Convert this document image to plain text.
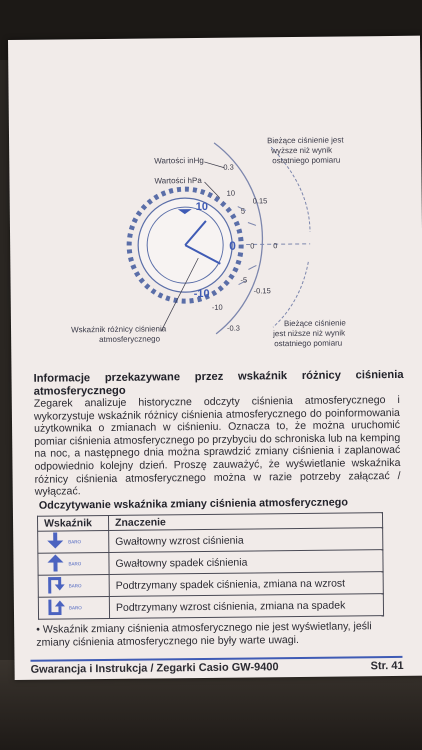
10
0
-10
0.3
0.15
0
-0.15
-0.3
10
5
0
-5
-10
Wartości inHg
Wartości hPa
Bieżące ciśnienie jest
wyższe niż wynik
ostatniego pomiaru
Bieżące ciśnienie
jest niższe niż wynik
ostatniego pomiaru
Wskaźnik różnicy ciśnienia
atmosferycznego
Informacje przekazywane przez wskaźnik różnicy ciśnienia atmosferycznego
Zegarek analizuje historyczne odczyty ciśnienia atmosferycznego i wykorzystuje wskaźnik różnicy ciśnienia atmosferycznego do poinformowania użytkownika o zmianach w ciśnieniu. Oznacza to, że można uruchomić pomiar ciśnienia atmosferycznego po przybyciu do schroniska lub na kemping na noc, a następnego dnia można sprawdzić zmiany ciśnienia i zaplanować odpowiednio kolejny dzień. Proszę zauważyć, że wyświetlanie wskaźnika różnicy ciśnienia atmosferycznego można w razie potrzeby załączać / wyłączać.
Odczytywanie wskaźnika zmiany ciśnienia atmosferycznego
Wskaźnik	Znaczenie

BARO	Gwałtowny wzrost ciśnienia

BARO	Gwałtowny spadek ciśnienia

BARO	Podtrzymany spadek ciśnienia, zmiana na wzrost

BARO	Podtrzymany wzrost ciśnienia, zmiana na spadek
• Wskaźnik zmiany ciśnienia atmosferycznego nie jest wyświetlany, jeśli zmiany ciśnienia atmosferycznego nie były warte uwagi.
Gwarancja i Instrukcja / Zegarki Casio GW-9400	Str. 41
